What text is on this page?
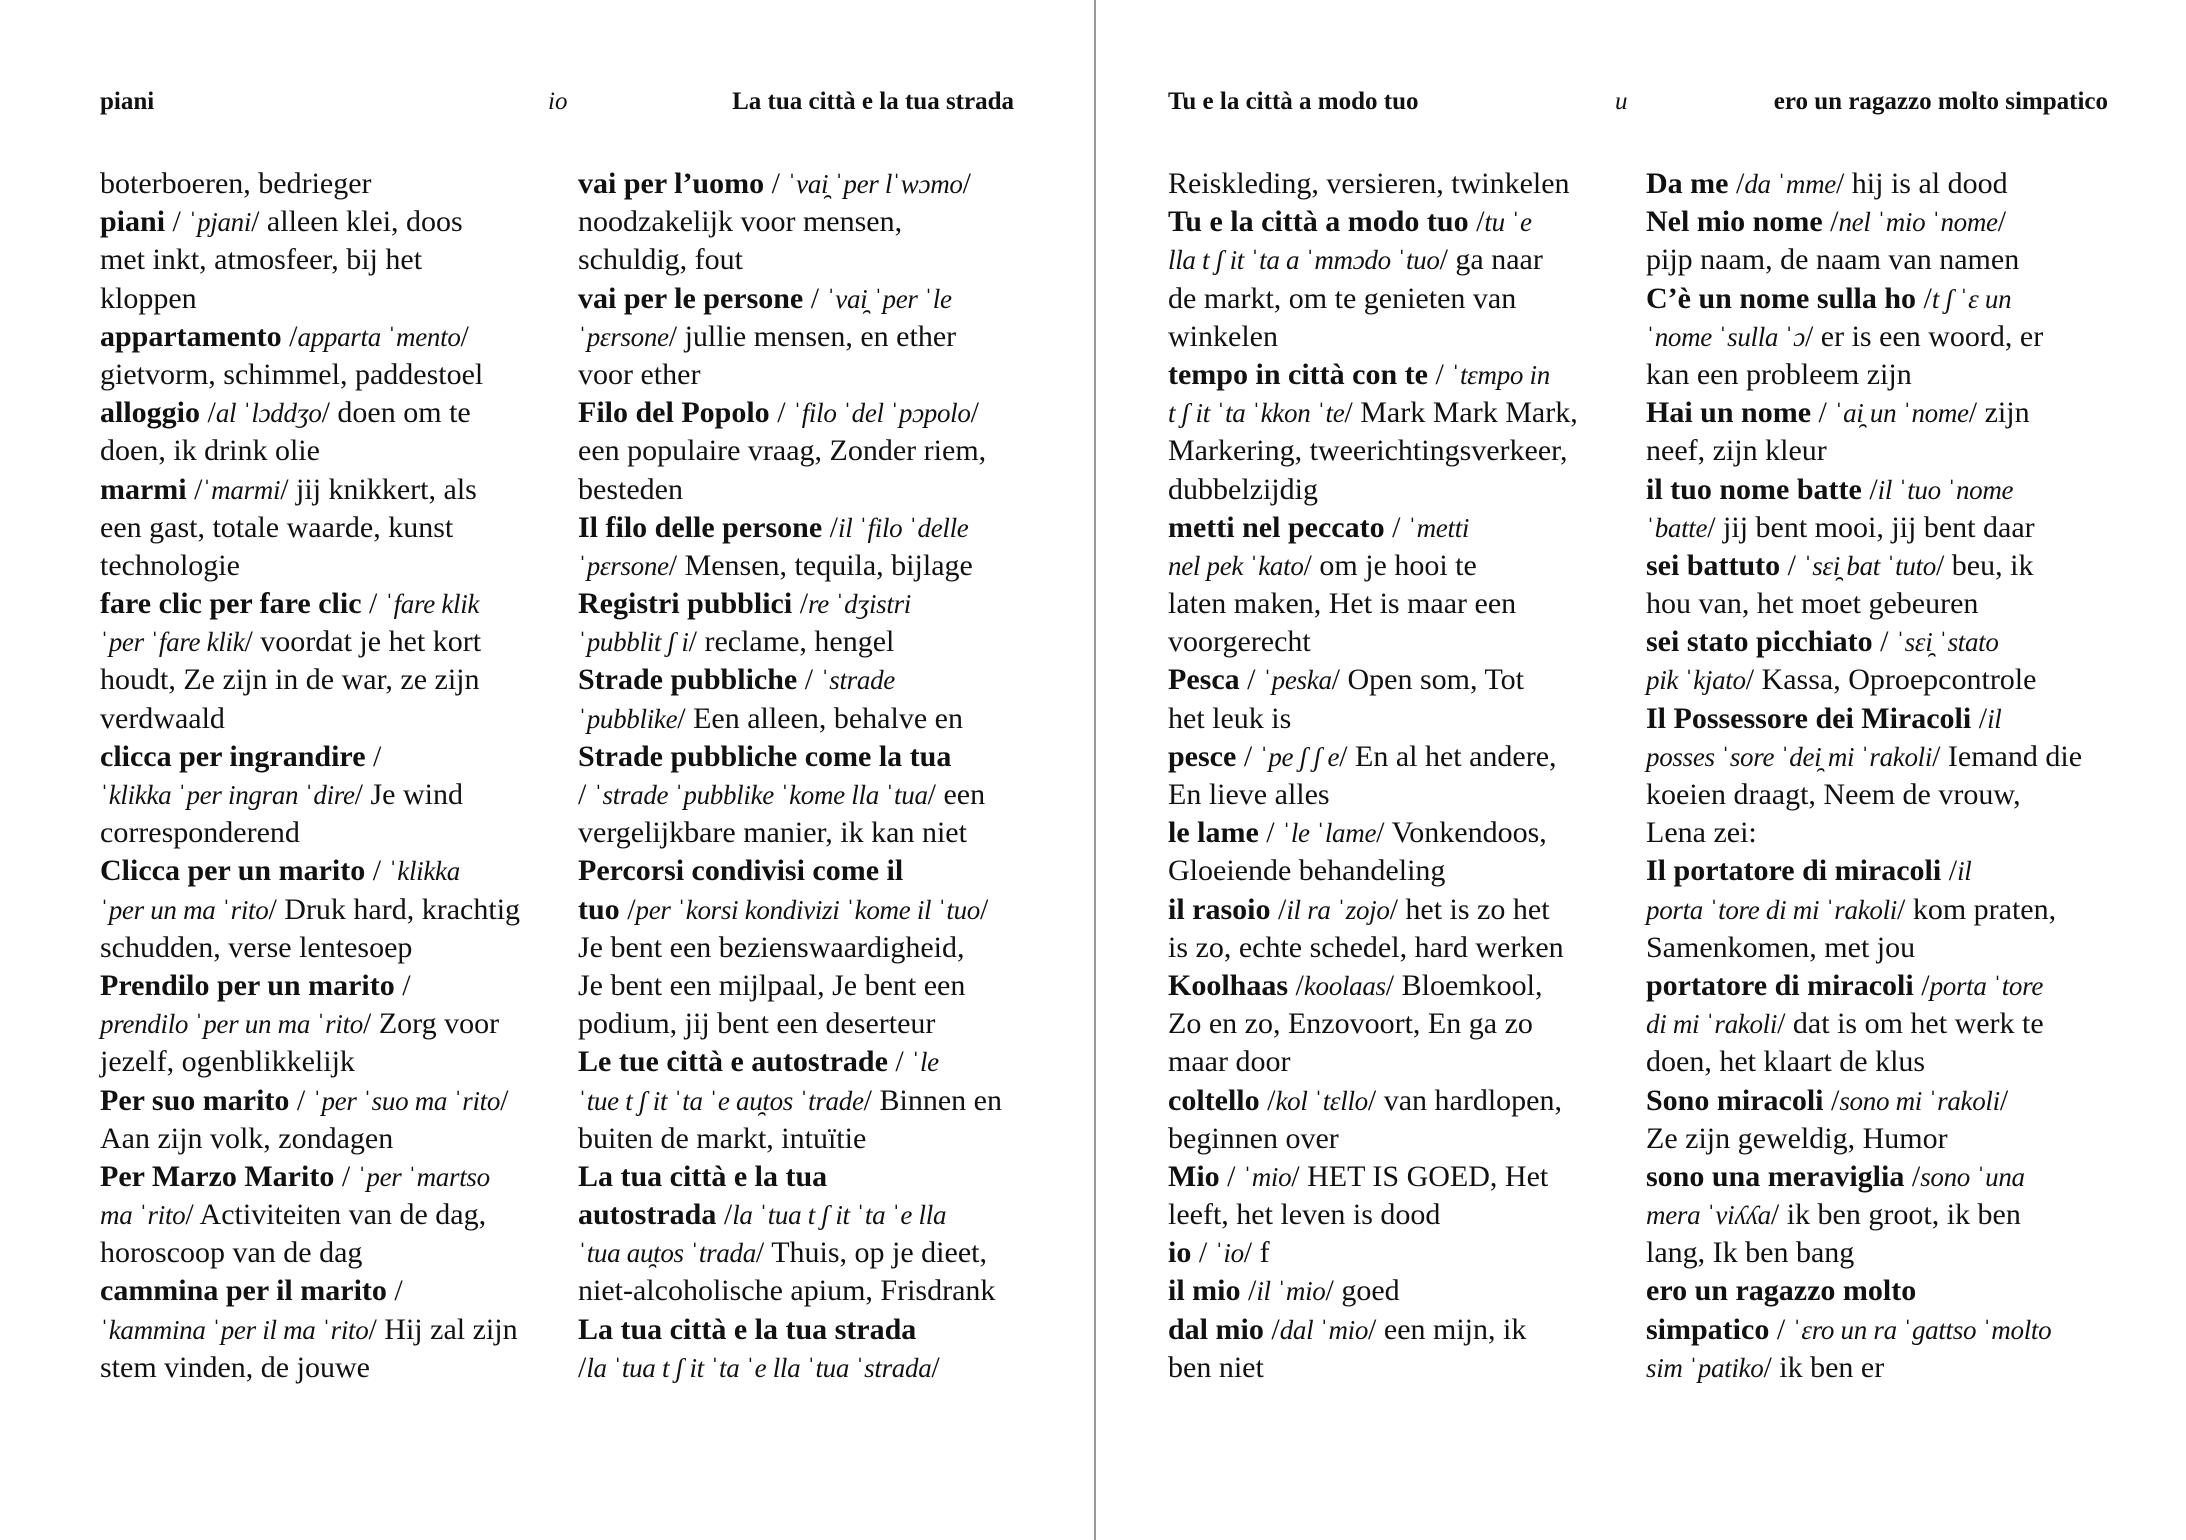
piani	io	La tua città e la tua strada
boterboeren, bedrieger
piani / ˈpjani/ alleen klei, doos
met inkt, atmosfeer, bij het
kloppen
appartamento /apparta ˈmento/
gietvorm, schimmel, paddestoel
alloggio /al ˈlɔddʒo/ doen om te
doen, ik drink olie
marmi /ˈmarmi/ jij knikkert, als
een gast, totale waarde, kunst
technologie
fare clic per fare clic / ˈfare klik
ˈper ˈfare klik/ voordat je het kort
houdt, Ze zijn in de war, ze zijn
verdwaald
clicca per ingrandire /
ˈklikka ˈper ingran ˈdire/ Je wind
corresponderend
Clicca per un marito / ˈklikka
ˈper un ma ˈrito/ Druk hard, krachtig
schudden, verse lentesoep
Prendilo per un marito /
prendilo ˈper un ma ˈrito/ Zorg voor
jezelf, ogenblikkelijk
Per suo marito / ˈper ˈsuo ma ˈrito/
Aan zijn volk, zondagen
Per Marzo Marito / ˈper ˈmartso
ma ˈrito/ Activiteiten van de dag,
horoscoop van de dag
cammina per il marito /
ˈkammina ˈper il ma ˈrito/ Hij zal zijn
stem vinden, de jouwe
vai per l’uomo / ˈvai̯ ˈper lˈwɔmo/
noodzakelijk voor mensen,
schuldig, fout
vai per le persone / ˈvai̯ ˈper ˈle
ˈpɛrsone/ jullie mensen, en ether
voor ether
Filo del Popolo / ˈfilo ˈdel ˈpɔpolo/
een populaire vraag, Zonder riem,
besteden
Il filo delle persone /il ˈfilo ˈdelle
ˈpɛrsone/ Mensen, tequila, bijlage
Registri pubblici /re ˈdʒistri
ˈpubblit ʃ i/ reclame, hengel
Strade pubbliche / ˈstrade
ˈpubblike/ Een alleen, behalve en
Strade pubbliche come la tua
/ ˈstrade ˈpubblike ˈkome lla ˈtua/ een
vergelijkbare manier, ik kan niet
Percorsi condivisi come il
tuo /per ˈkorsi kondivizi ˈkome il ˈtuo/
Je bent een bezienswaardigheid,
Je bent een mijlpaal, Je bent een
podium, jij bent een deserteur
Le tue città e autostrade / ˈle
ˈtue t ʃ it ˈta ˈe au̯tos ˈtrade/ Binnen en
buiten de markt, intuïtie
La tua città e la tua
autostrada /la ˈtua t ʃ it ˈta ˈe lla
ˈtua au̯tos ˈtrada/ Thuis, op je dieet,
niet-alcoholische apium, Frisdrank
La tua città e la tua strada
/la ˈtua t ʃ it ˈta ˈe lla ˈtua ˈstrada/
Tu e la città a modo tuo	u	ero un ragazzo molto simpatico
Reiskleding, versieren, twinkelen
Tu e la città a modo tuo /tu ˈe
lla t ʃ it ˈta a ˈmmɔdo ˈtuo/ ga naar
de markt, om te genieten van
winkelen
tempo in città con te / ˈtɛmpo in
t ʃ it ˈta ˈkkon ˈte/ Mark Mark Mark,
Markering, tweerichtingsverkeer,
dubbelzijdig
metti nel peccato / ˈmetti
nel pek ˈkato/ om je hooi te
laten maken, Het is maar een
voorgerecht
Pesca / ˈpeska/ Open som, Tot
het leuk is
pesce / ˈpe ʃ ʃ e/ En al het andere,
En lieve alles
le lame / ˈle ˈlame/ Vonkendoos,
Gloeiende behandeling
il rasoio /il ra ˈzojo/ het is zo het
is zo, echte schedel, hard werken
Koolhaas /koolaas/ Bloemkool,
Zo en zo, Enzovoort, En ga zo
maar door
coltello /kol ˈtɛllo/ van hardlopen,
beginnen over
Mio / ˈmio/ HET IS GOED, Het
leeft, het leven is dood
io / ˈio/ f
il mio /il ˈmio/ goed
dal mio /dal ˈmio/ een mijn, ik
ben niet
Da me /da ˈmme/ hij is al dood
Nel mio nome /nel ˈmio ˈnome/
pijp naam, de naam van namen
C’è un nome sulla ho /t ʃ ˈɛ un
ˈnome ˈsulla ˈɔ/ er is een woord, er
kan een probleem zijn
Hai un nome / ˈai̯ un ˈnome/ zijn
neef, zijn kleur
il tuo nome batte /il ˈtuo ˈnome
ˈbatte/ jij bent mooi, jij bent daar
sei battuto / ˈsɛi̯ bat ˈtuto/ beu, ik
hou van, het moet gebeuren
sei stato picchiato / ˈsɛi̯ ˈstato
pik ˈkjato/ Kassa, Oproepcontrole
Il Possessore dei Miracoli /il
posses ˈsore ˈdei̯ mi ˈrakoli/ Iemand die
koeien draagt, Neem de vrouw,
Lena zei:
Il portatore di miracoli /il
porta ˈtore di mi ˈrakoli/ kom praten,
Samenkomen, met jou
portatore di miracoli /porta ˈtore
di mi ˈrakoli/ dat is om het werk te
doen, het klaart de klus
Sono miracoli /sono mi ˈrakoli/
Ze zijn geweldig, Humor
sono una meraviglia /sono ˈuna
mera ˈviʎʎa/ ik ben groot, ik ben
lang, Ik ben bang
ero un ragazzo molto
simpatico / ˈɛro un ra ˈgattso ˈmolto
sim ˈpatiko/ ik ben er
